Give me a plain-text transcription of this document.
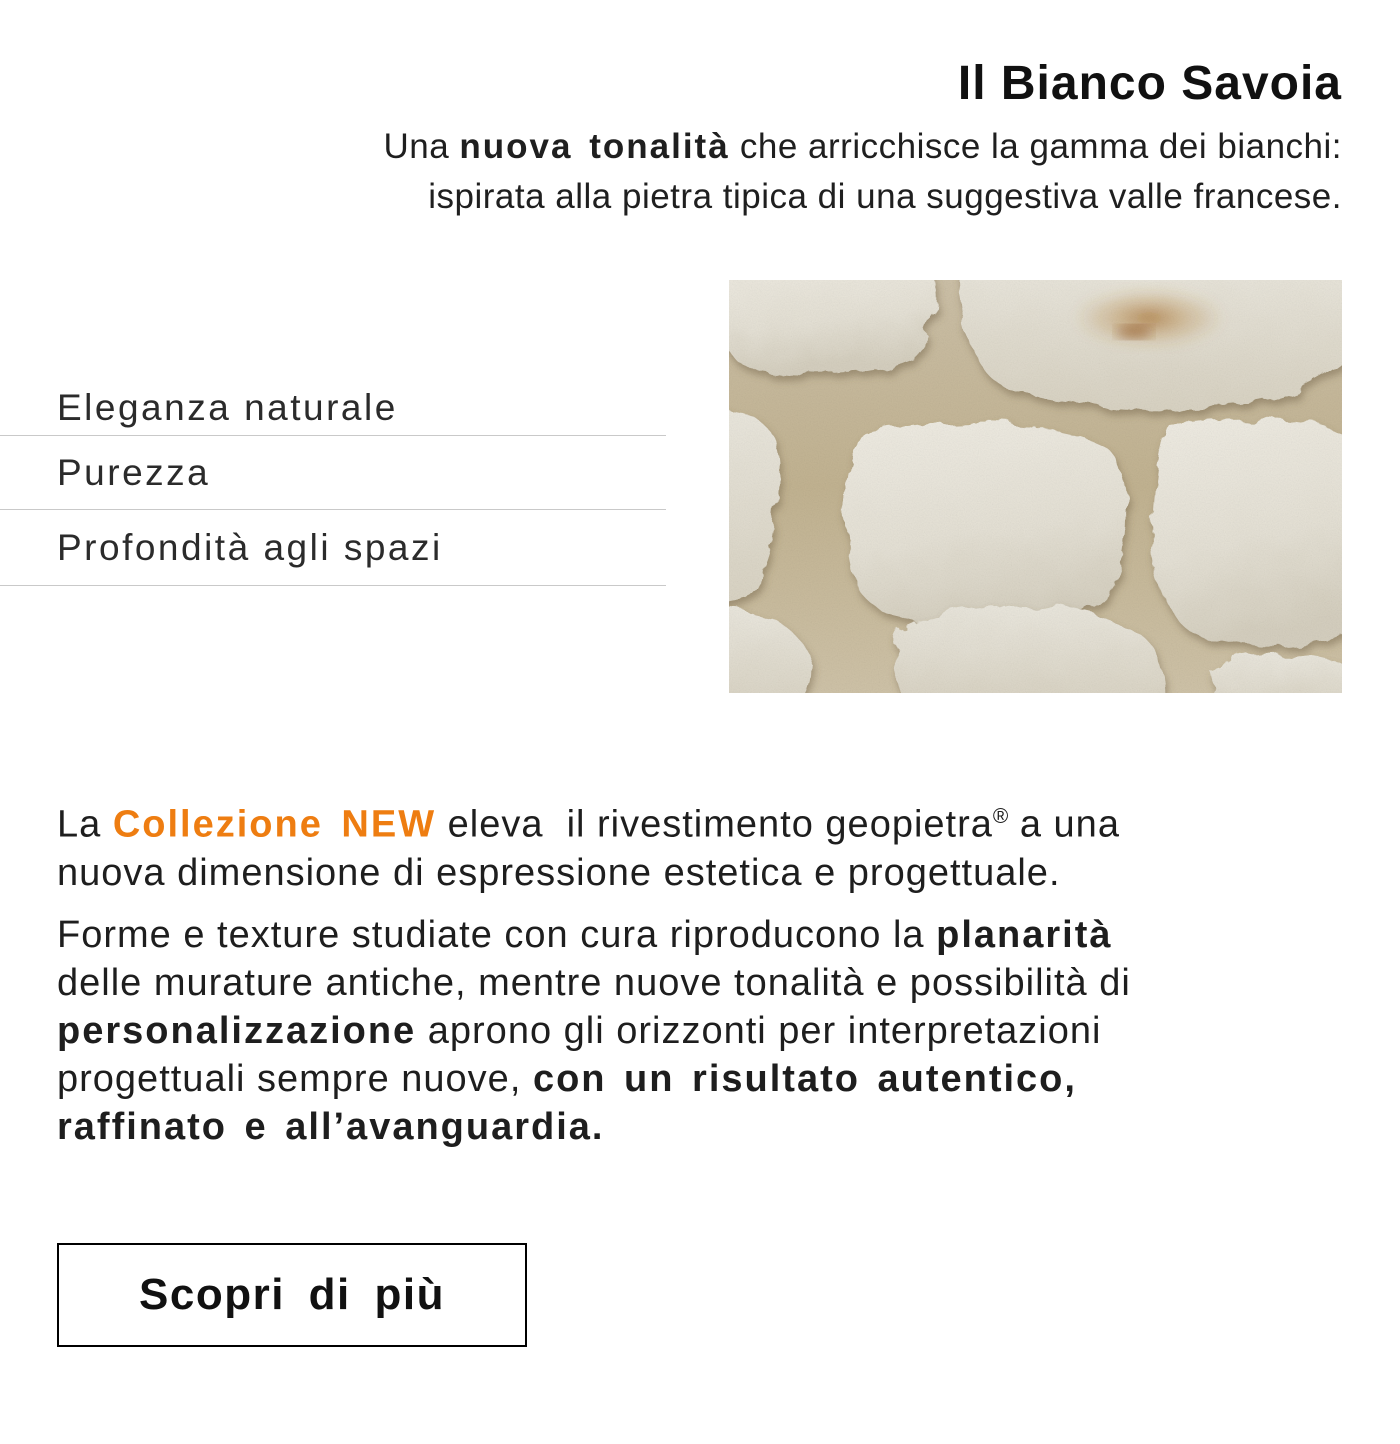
Il Bianco Savoia
Una nuova tonalità che arricchisce la gamma dei bianchi:
ispirata alla pietra tipica di una suggestiva valle francese.
Eleganza naturale
Purezza
Profondità agli spazi
La Collezione NEW eleva  il rivestimento geopietra® a una
nuova dimensione di espressione estetica e progettuale.
Forme e texture studiate con cura riproducono la planarità
delle murature antiche, mentre nuove tonalità e possibilità di
personalizzazione aprono gli orizzonti per interpretazioni
progettuali sempre nuove, con un risultato autentico,
raffinato e all’avanguardia.
Scopri di più
